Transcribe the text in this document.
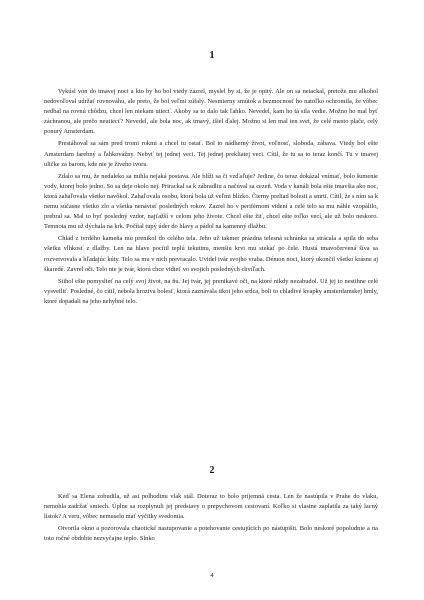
1

Vykúsl von do tmavej noci a kto by ho bol vtedy zazrel, myslel by si, že je opitý. Ale on sa netackal, pretože mu alkohol nedovoľoval udržať rovnováhu, ale preto, že bol veľmi zúfalý. Nesmierny smútok a bezmocnosť ho natoľko ochromila, že vôbec nedbal na rovnú chôdzu, chcel len niekam utiecť. Akoby sa to dalo tak ľahko. Nevedel, kam ho tá sila vedie. Možno ho mal byť záchranou, ale prečo neutiecť? Nevedel, ale bola noc, ak tmavý, išiel ďalej. Možno si len mal ten svet, že celé mesto plače, celý ponurý Amsterdam.

Prestáhoval sa sám pred tromi rokmi a chcel tu ostať. Bol to nádherný život, voľnosť, sloboda, zábava. Vtedy bol ešte Amsterdam farebný a ľahkovážny. Nebyť tej jednej veci. Tej jednej prekliatej veci. Cítil, že tu sa to teraz končí. Tu v tmavej uličke za barom, kde nie je živeho tvora.

Zdalo sa mu, že nedaleko sa mihla nejaká postava. Ale blíži sa či vzďaľuje? Jedine, čo teraz dokázal vnímať, bolo šumenie vody, ktorej bolo jedno. So sa deje okolo nej. Prirackal sa k zábradliu a načúval sa cezeň. Voda v kanáli bola ešte tmavšia ako noc, ktorá zahaľovala všetko navôkol. Zahaľovala osobu, ktorá bola už veľmi blízko. Čierny preliad bolesti a smrti. Cítil, že s ním sa k nemu súčasne všetko zlo a všetka nenávisť posledných rokov. Zazrel ho v periférnom videní a celé telo sa mu náhle vzopálilo, prebral sa. Mal to byť posledný vzdor, najťažší v celom jeho živote. Chcel ešte žiť, chcel ešte toľko vecí, ale už bolo neskoro. Temnota mu už dýchala na krk. Počítal tupý úder do hlavy a pádol na kamenný dlažbu.

Chlad z tvrdého kameňa mu prenikol do celého tela. Jeho už takmer prázdna telesná schránka sa strácala a spila do seba všetku vlhkosť z dlažby. Len na hlave pocítil teplú tekutinu, menšiu krvi mu stekať po čele. Hustá tmavočervená šíva sa rozvetvovala a hľadajúc kúty. Telo sa mu v nich prevracalo. Uvidel tvár svojho vraha. Démon noci, ktorý ukončil všetko krásne aj škaredé. Zavrel oči. Telo nie je tvár, ktorú chce vidieť vo svojich posledných chvíľach.

Stihol ešte pomyslieť na celý svoj život, na ňu. Jej tvár, jej prenikavé oči, na ktoré nikdy nezabudol. Už jej to nestihne celé vysvetliť. Posledné, čo cítil, nebola hroziva bolesť, ktorá zaznávala tikot jeho srdca, boli to chladivé kvapky amsterdamskej hmly, ktoré dopadali na jeho nehybné telo.

2

Keď sa Elena zobudila, už asi polhodinu vlak stál. Doteraz to bolo príjemná cesta. Len že nastúpila v Prahe do vlaku, nemohla zadržať smiech. Úplne sa rozplynuli jej predstavy o prepychovom cestovaní. Koľko si vlastne zaplatila za taký lacný lístok? A veru, vôbec nemuselo mať výčitky svedomia.

Otvorila okno a pozorovala chaotické nastupovanie a potehovanie cestujúcich po nástupišti. Bolo neskoré popoludnie a na toto ročné obdobie nezvyčajne teplo. Slnko

4
